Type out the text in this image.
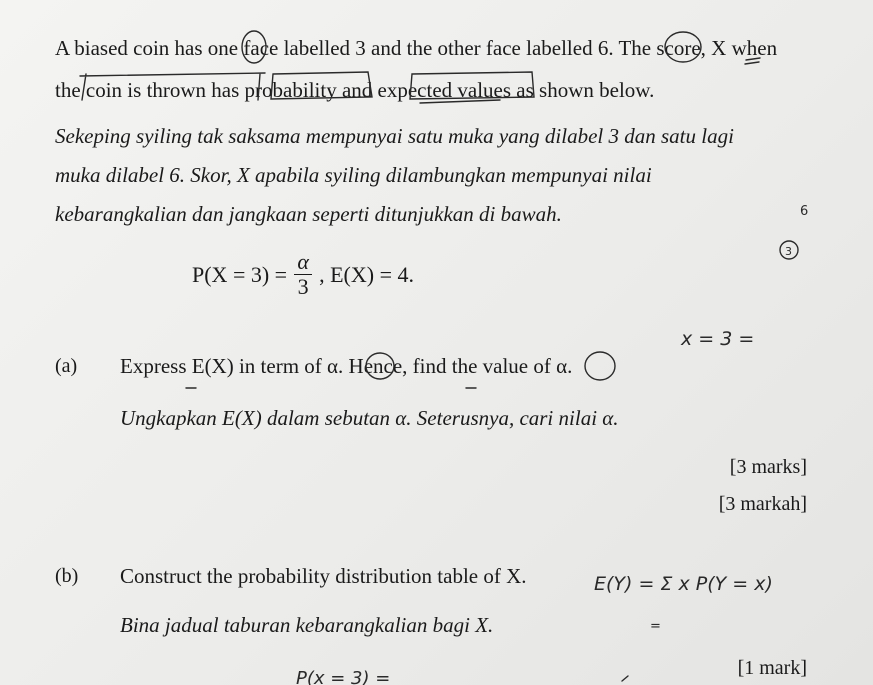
A biased coin has one face labelled 3 and the other face labelled 6. The score, X when
the coin is thrown has probability and expected values as shown below.
Sekeping syiling tak saksama mempunyai satu muka yang dilabel 3 dan satu lagi
muka dilabel 6. Skor, X apabila syiling dilambungkan mempunyai nilai
kebarangkalian dan jangkaan seperti ditunjukkan di bawah.
$P(X = 3) = \frac{\alpha}{3}$ , E(X) = 4.
(a) Express E(X) in term of α. Hence, find the value of α.
Ungkapkan E(X) dalam sebutan α. Seterusnya, cari nilai α.
[3 marks]
[3 markah]
(b) Construct the probability distribution table of X.
Bina jadual taburan kebarangkalian bagi X.
[1 mark]
3
6
x = 3 =
E(Y) = Σ x P(Y = x)
=
P(x = 3) =
